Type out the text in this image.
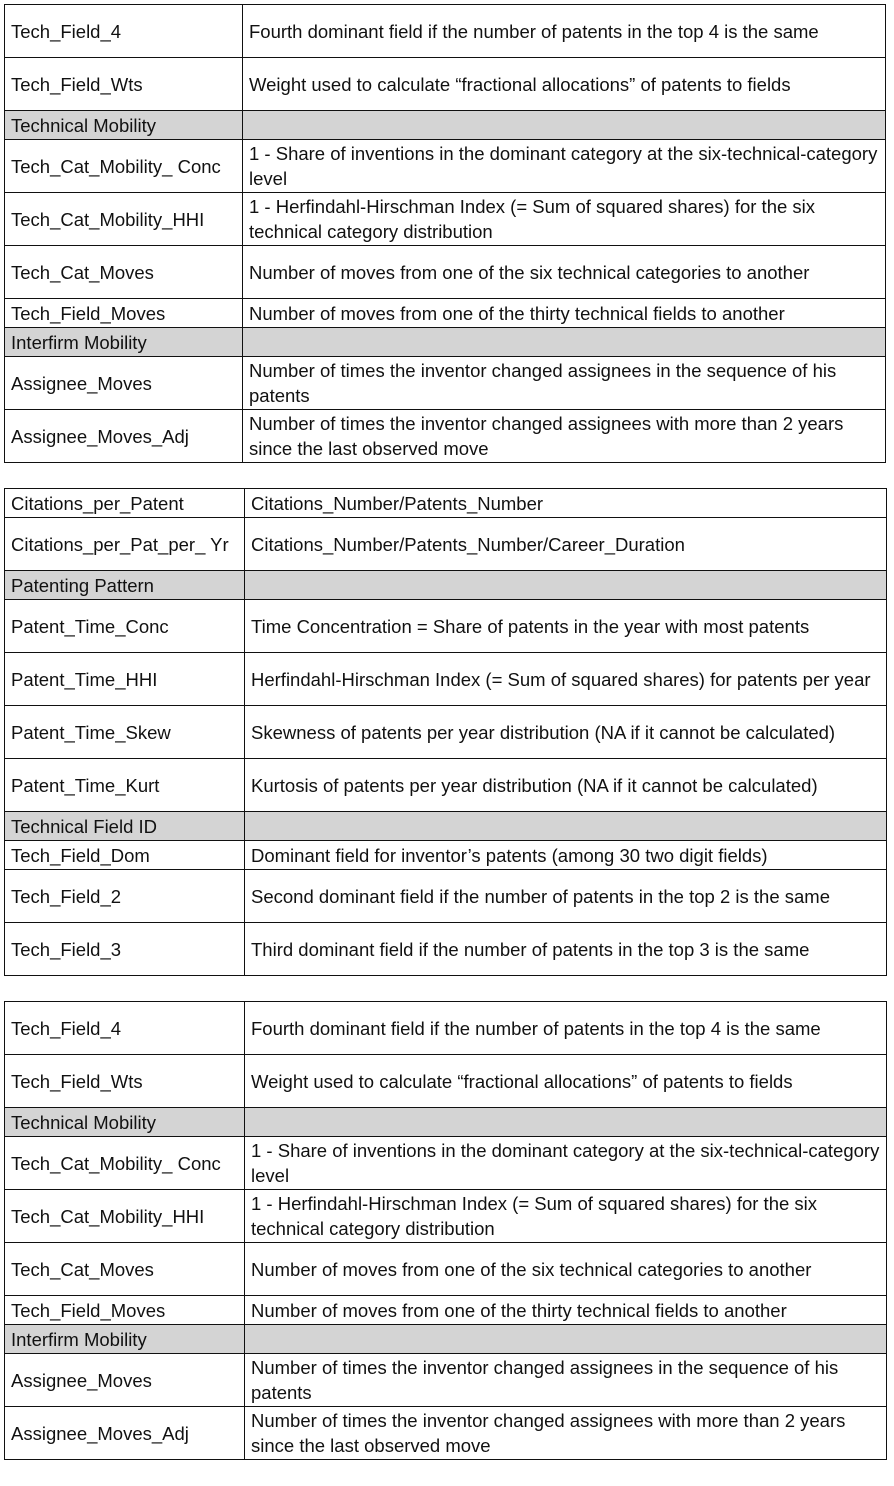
Tech_Field_4	Fourth dominant field if the number of patents in the top 4 is the same
Tech_Field_Wts	Weight used to calculate “fractional allocations” of patents to fields
Technical Mobility	
Tech_Cat_Mobility_ Conc	1 - Share of inventions in the dominant category at the six-technical-category level
Tech_Cat_Mobility_HHI	1 - Herfindahl-Hirschman Index (= Sum of squared shares) for the six technical category distribution
Tech_Cat_Moves	Number of moves from one of the six technical categories to another
Tech_Field_Moves	Number of moves from one of the thirty technical fields to another
Interfirm Mobility	
Assignee_Moves	Number of times the inventor changed assignees in the sequence of his patents
Assignee_Moves_Adj	Number of times the inventor changed assignees with more than 2 years since the last observed move
Citations_per_Patent	Citations_Number/Patents_Number
Citations_per_Pat_per_ Yr	Citations_Number/Patents_Number/Career_Duration
Patenting Pattern	
Patent_Time_Conc	Time Concentration = Share of patents in the year with most patents
Patent_Time_HHI	Herfindahl-Hirschman Index (= Sum of squared shares) for patents per year
Patent_Time_Skew	Skewness of patents per year distribution (NA if it cannot be calculated)
Patent_Time_Kurt	Kurtosis of patents per year distribution (NA if it cannot be calculated)
Technical Field ID	
Tech_Field_Dom	Dominant field for inventor’s patents (among 30 two digit fields)
Tech_Field_2	Second dominant field if the number of patents in the top 2 is the same
Tech_Field_3	Third dominant field if the number of patents in the top 3 is the same
Tech_Field_4	Fourth dominant field if the number of patents in the top 4 is the same
Tech_Field_Wts	Weight used to calculate “fractional allocations” of patents to fields
Technical Mobility	
Tech_Cat_Mobility_ Conc	1 - Share of inventions in the dominant category at the six-technical-category level
Tech_Cat_Mobility_HHI	1 - Herfindahl-Hirschman Index (= Sum of squared shares) for the six technical category distribution
Tech_Cat_Moves	Number of moves from one of the six technical categories to another
Tech_Field_Moves	Number of moves from one of the thirty technical fields to another
Interfirm Mobility	
Assignee_Moves	Number of times the inventor changed assignees in the sequence of his patents
Assignee_Moves_Adj	Number of times the inventor changed assignees with more than 2 years since the last observed move
